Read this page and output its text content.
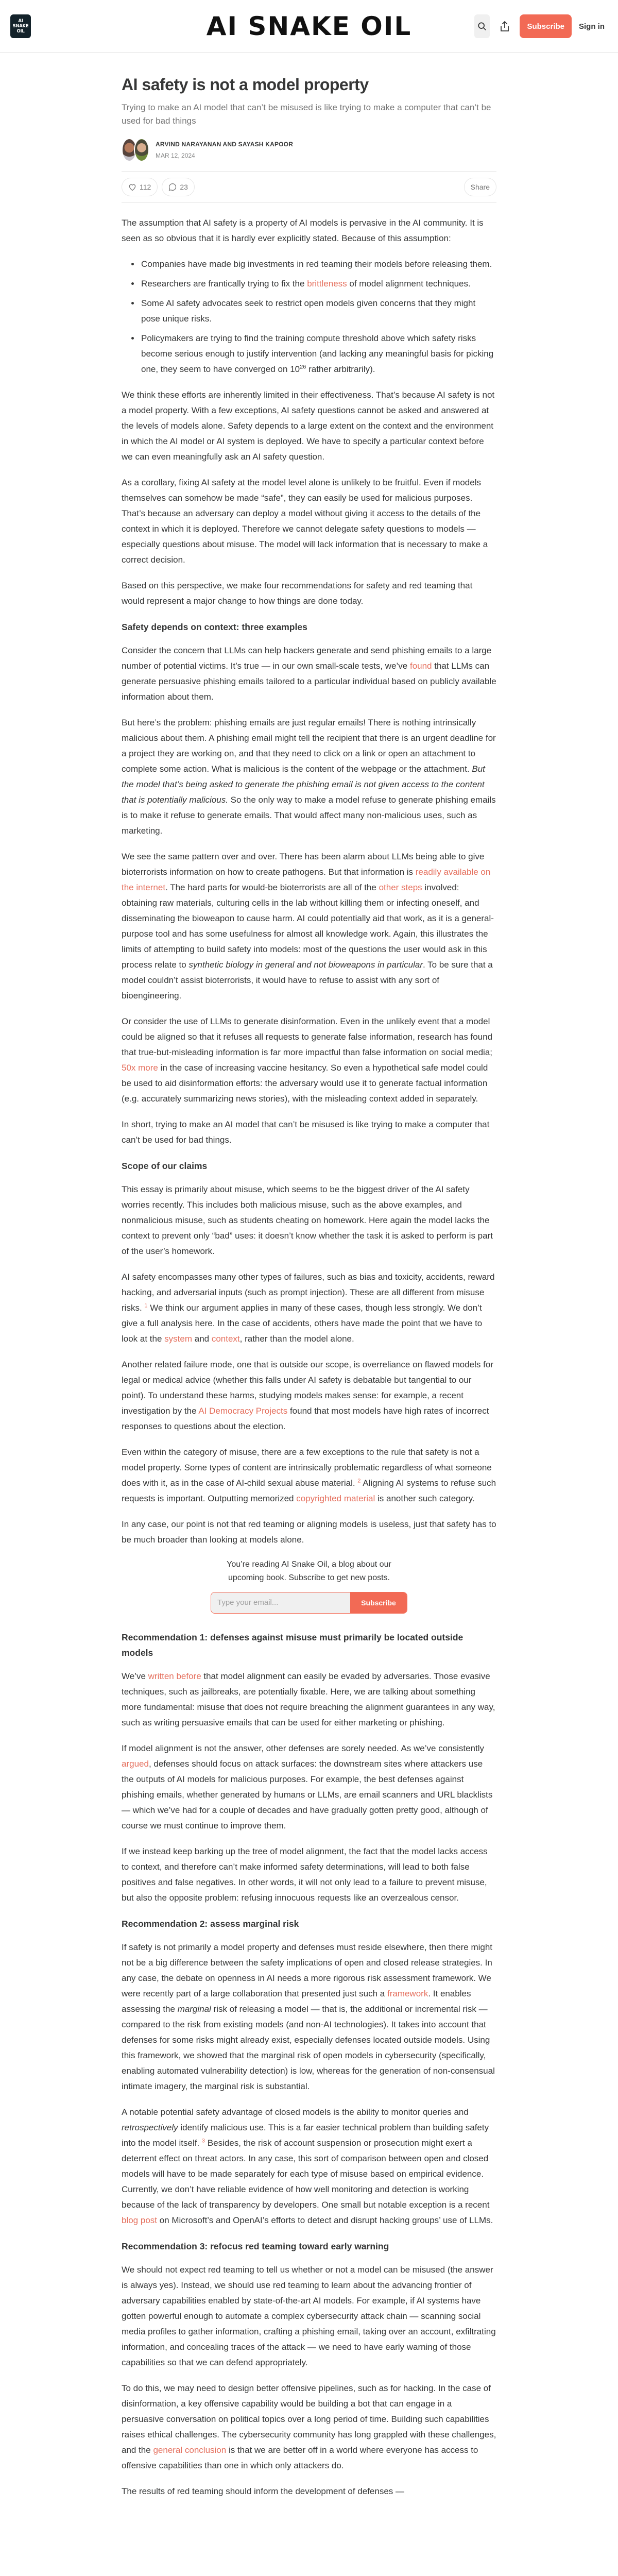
AI
SNAKE
OIL	AI SNAKE OIL	Subscribe	Sign in
AI safety is not a model property
Trying to make an AI model that can’t be misused is like trying to make a computer that can’t be used for bad things
ARVIND NARAYANAN AND SAYASH KAPOOR
MAR 12, 2024
112	23	Share

The assumption that AI safety is a property of AI models is pervasive in the AI community. It is seen as so obvious that it is hardly ever explicitly stated. Because of this assumption:

• Companies have made big investments in red teaming their models before releasing them.
• Researchers are frantically trying to fix the brittleness of model alignment techniques.
• Some AI safety advocates seek to restrict open models given concerns that they might pose unique risks.
• Policymakers are trying to find the training compute threshold above which safety risks become serious enough to justify intervention (and lacking any meaningful basis for picking one, they seem to have converged on $10^{26}$ rather arbitrarily).

We think these efforts are inherently limited in their effectiveness. That’s because AI safety is not a model property. With a few exceptions, AI safety questions cannot be asked and answered at the levels of models alone. Safety depends to a large extent on the context and the environment in which the AI model or AI system is deployed. We have to specify a particular context before we can even meaningfully ask an AI safety question.

As a corollary, fixing AI safety at the model level alone is unlikely to be fruitful. Even if models themselves can somehow be made “safe”, they can easily be used for malicious purposes. That’s because an adversary can deploy a model without giving it access to the details of the context in which it is deployed. Therefore we cannot delegate safety questions to models — especially questions about misuse. The model will lack information that is necessary to make a correct decision.

Based on this perspective, we make four recommendations for safety and red teaming that would represent a major change to how things are done today.

Safety depends on context: three examples

Consider the concern that LLMs can help hackers generate and send phishing emails to a large number of potential victims. It’s true — in our own small-scale tests, we’ve found that LLMs can generate persuasive phishing emails tailored to a particular individual based on publicly available information about them.

But here’s the problem: phishing emails are just regular emails! There is nothing intrinsically malicious about them. A phishing email might tell the recipient that there is an urgent deadline for a project they are working on, and that they need to click on a link or open an attachment to complete some action. What is malicious is the content of the webpage or the attachment. But the model that’s being asked to generate the phishing email is not given access to the content that is potentially malicious. So the only way to make a model refuse to generate phishing emails is to make it refuse to generate emails. That would affect many non-malicious uses, such as marketing.

We see the same pattern over and over. There has been alarm about LLMs being able to give bioterrorists information on how to create pathogens. But that information is readily available on the internet. The hard parts for would-be bioterrorists are all of the other steps involved: obtaining raw materials, culturing cells in the lab without killing them or infecting oneself, and disseminating the bioweapon to cause harm. AI could potentially aid that work, as it is a general-purpose tool and has some usefulness for almost all knowledge work. Again, this illustrates the limits of attempting to build safety into models: most of the questions the user would ask in this process relate to synthetic biology in general and not bioweapons in particular. To be sure that a model couldn’t assist bioterrorists, it would have to refuse to assist with any sort of bioengineering.

Or consider the use of LLMs to generate disinformation. Even in the unlikely event that a model could be aligned so that it refuses all requests to generate false information, research has found that true-but-misleading information is far more impactful than false information on social media; 50x more in the case of increasing vaccine hesitancy. So even a hypothetical safe model could be used to aid disinformation efforts: the adversary would use it to generate factual information (e.g. accurately summarizing news stories), with the misleading context added in separately.

In short, trying to make an AI model that can’t be misused is like trying to make a computer that can’t be used for bad things.

Scope of our claims

This essay is primarily about misuse, which seems to be the biggest driver of the AI safety worries recently. This includes both malicious misuse, such as the above examples, and nonmalicious misuse, such as students cheating on homework. Here again the model lacks the context to prevent only “bad” uses: it doesn’t know whether the task it is asked to perform is part of the user’s homework.

AI safety encompasses many other types of failures, such as bias and toxicity, accidents, reward hacking, and adversarial inputs (such as prompt injection). These are all different from misuse risks. $^1$ We think our argument applies in many of these cases, though less strongly. We don’t give a full analysis here. In the case of accidents, others have made the point that we have to look at the system and context, rather than the model alone.

Another related failure mode, one that is outside our scope, is overreliance on flawed models for legal or medical advice (whether this falls under AI safety is debatable but tangential to our point). To understand these harms, studying models makes sense: for example, a recent investigation by the AI Democracy Projects found that most models have high rates of incorrect responses to questions about the election.

Even within the category of misuse, there are a few exceptions to the rule that safety is not a model property. Some types of content are intrinsically problematic regardless of what someone does with it, as in the case of AI-child sexual abuse material. $^2$ Aligning AI systems to refuse such requests is important. Outputting memorized copyrighted material is another such category.

In any case, our point is not that red teaming or aligning models is useless, just that safety has to be much broader than looking at models alone.

You’re reading AI Snake Oil, a blog about our upcoming book. Subscribe to get new posts.
Type your email...	Subscribe
Recommendation 1: defenses against misuse must primarily be located outside models

We’ve written before that model alignment can easily be evaded by adversaries. Those evasive techniques, such as jailbreaks, are potentially fixable. Here, we are talking about something more fundamental: misuse that does not require breaching the alignment guarantees in any way, such as writing persuasive emails that can be used for either marketing or phishing.

If model alignment is not the answer, other defenses are sorely needed. As we’ve consistently argued, defenses should focus on attack surfaces: the downstream sites where attackers use the outputs of AI models for malicious purposes. For example, the best defenses against phishing emails, whether generated by humans or LLMs, are email scanners and URL blacklists — which we’ve had for a couple of decades and have gradually gotten pretty good, although of course we must continue to improve them.

If we instead keep barking up the tree of model alignment, the fact that the model lacks access to context, and therefore can’t make informed safety determinations, will lead to both false positives and false negatives. In other words, it will not only lead to a failure to prevent misuse, but also the opposite problem: refusing innocuous requests like an overzealous censor.

Recommendation 2: assess marginal risk

If safety is not primarily a model property and defenses must reside elsewhere, then there might not be a big difference between the safety implications of open and closed release strategies. In any case, the debate on openness in AI needs a more rigorous risk assessment framework. We were recently part of a large collaboration that presented just such a framework. It enables assessing the marginal risk of releasing a model — that is, the additional or incremental risk — compared to the risk from existing models (and non-AI technologies). It takes into account that defenses for some risks might already exist, especially defenses located outside models. Using this framework, we showed that the marginal risk of open models in cybersecurity (specifically, enabling automated vulnerability detection) is low, whereas for the generation of non-consensual intimate imagery, the marginal risk is substantial.

A notable potential safety advantage of closed models is the ability to monitor queries and retrospectively identify malicious use. This is a far easier technical problem than building safety into the model itself. $^3$ Besides, the risk of account suspension or prosecution might exert a deterrent effect on threat actors. In any case, this sort of comparison between open and closed models will have to be made separately for each type of misuse based on empirical evidence. Currently, we don’t have reliable evidence of how well monitoring and detection is working because of the lack of transparency by developers. One small but notable exception is a recent blog post on Microsoft’s and OpenAI’s efforts to detect and disrupt hacking groups’ use of LLMs.

Recommendation 3: refocus red teaming toward early warning

We should not expect red teaming to tell us whether or not a model can be misused (the answer is always yes). Instead, we should use red teaming to learn about the advancing frontier of adversary capabilities enabled by state-of-the-art AI models. For example, if AI systems have gotten powerful enough to automate a complex cybersecurity attack chain — scanning social media profiles to gather information, crafting a phishing email, taking over an account, exfiltrating information, and concealing traces of the attack — we need to have early warning of those capabilities so that we can defend appropriately.

To do this, we may need to design better offensive pipelines, such as for hacking. In the case of disinformation, a key offensive capability would be building a bot that can engage in a persuasive conversation on political topics over a long period of time. Building such capabilities raises ethical challenges. The cybersecurity community has long grappled with these challenges, and the general conclusion is that we are better off in a world where everyone has access to offensive capabilities than one in which only attackers do.

The results of red teaming should inform the development of defenses —
